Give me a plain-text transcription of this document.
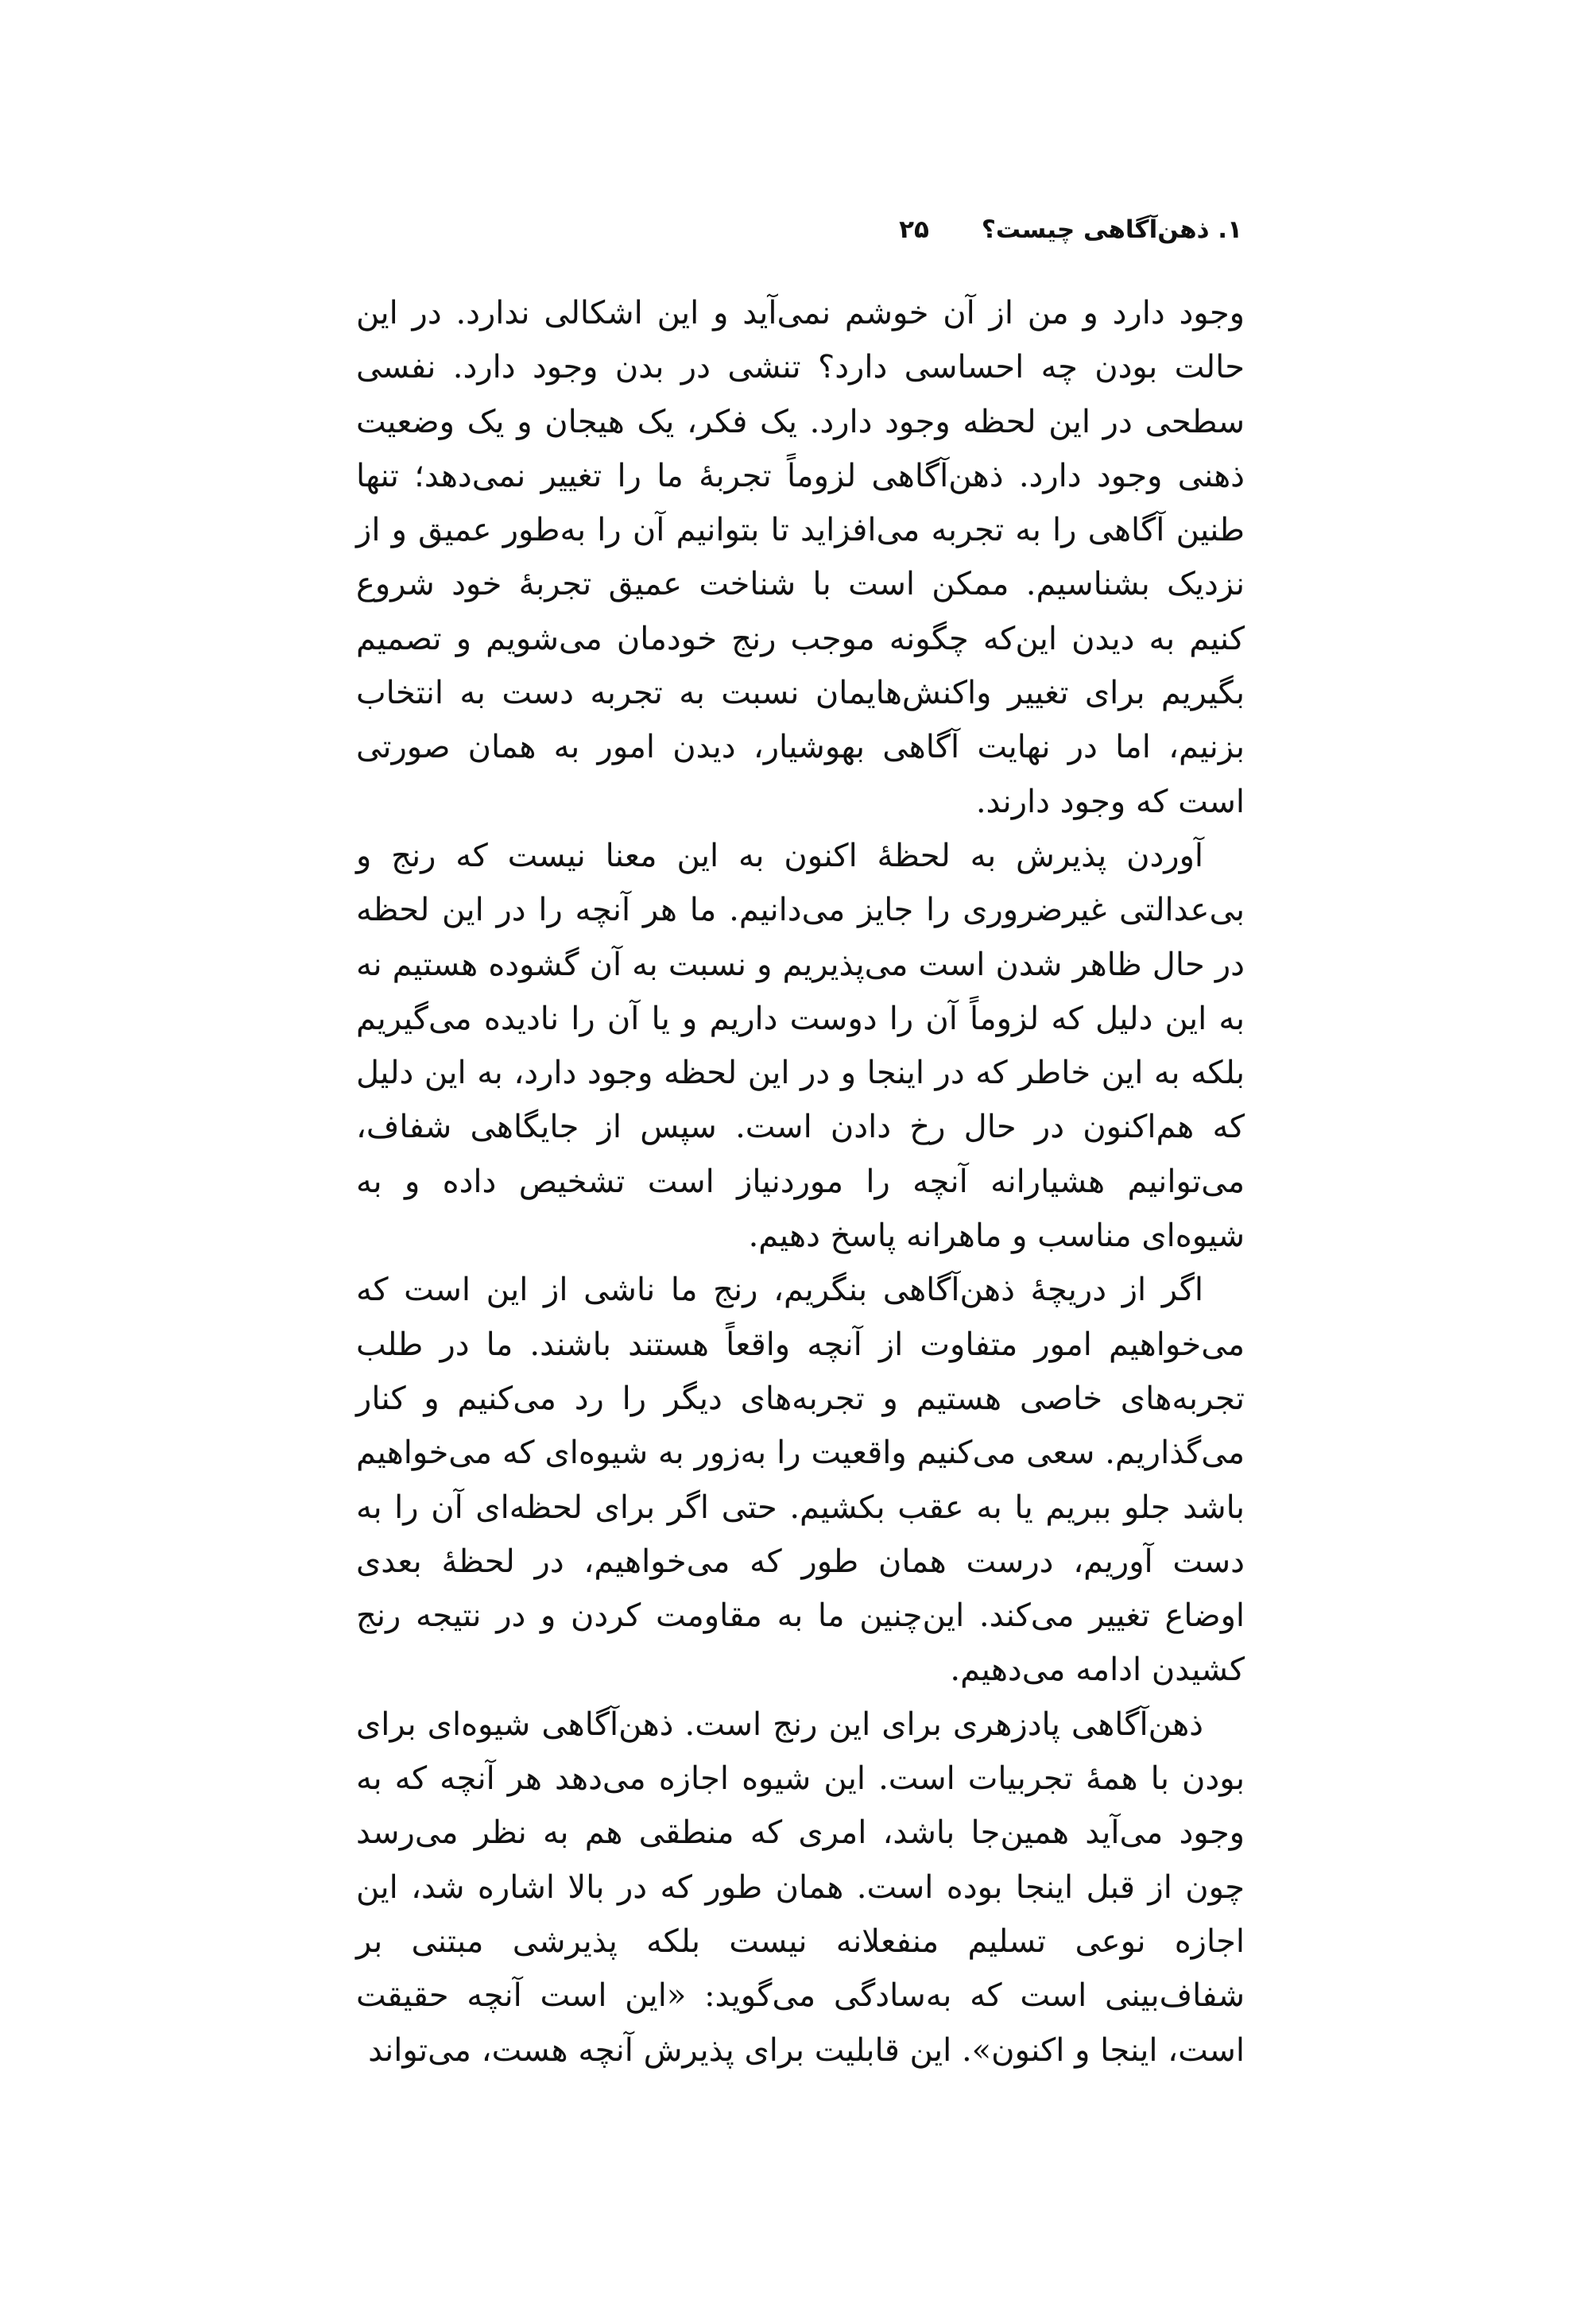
۱. ذهن‌آگاهی چیست؟
۲۵

وجود دارد و من از آن خوشم نمی‌آید و این اشکالی ندارد. در این حالت بودن چه احساسی دارد؟ تنشی در بدن وجود دارد. نفسی سطحی در این لحظه وجود دارد. یک فکر، یک هیجان و یک وضعیت ذهنی وجود دارد. ذهن‌آگاهی لزوماً تجربهٔ ما را تغییر نمی‌دهد؛ تنها طنین آگاهی را به تجربه می‌افزاید تا بتوانیم آن را به‌طور عمیق و از نزدیک بشناسیم. ممکن است با شناخت عمیق تجربهٔ خود شروع کنیم به دیدن این‌که چگونه موجب رنج خودمان می‌شویم و تصمیم بگیریم برای تغییر واکنش‌هایمان نسبت به تجربه دست به انتخاب بزنیم، اما در نهایت آگاهی بهوشیار، دیدن امور به همان صورتی است که وجود دارند.

آوردن پذیرش به لحظهٔ اکنون به این معنا نیست که رنج و بی‌عدالتی غیرضروری را جایز می‌دانیم. ما هر آنچه را در این لحظه در حال ظاهر شدن است می‌پذیریم و نسبت به آن گشوده هستیم نه به این دلیل که لزوماً آن را دوست داریم و یا آن را نادیده می‌گیریم بلکه به این خاطر که در اینجا و در این لحظه وجود دارد، به این دلیل که هم‌اکنون در حال رخ دادن است. سپس از جایگاهی شفاف، می‌توانیم هشیارانه آنچه را موردنیاز است تشخیص داده و به شیوه‌ای مناسب و ماهرانه پاسخ دهیم.

اگر از دریچهٔ ذهن‌آگاهی بنگریم، رنج ما ناشی از این است که می‌خواهیم امور متفاوت از آنچه واقعاً هستند باشند. ما در طلب تجربه‌های خاصی هستیم و تجربه‌های دیگر را رد می‌کنیم و کنار می‌گذاریم. سعی می‌کنیم واقعیت را به‌زور به شیوه‌ای که می‌خواهیم باشد جلو ببریم یا به عقب بکشیم. حتی اگر برای لحظه‌ای آن را به دست آوریم، درست همان طور که می‌خواهیم، در لحظهٔ بعدی اوضاع تغییر می‌کند. این‌چنین ما به مقاومت کردن و در نتیجه رنج کشیدن ادامه می‌دهیم.

ذهن‌آگاهی پادزهری برای این رنج است. ذهن‌آگاهی شیوه‌ای برای بودن با همهٔ تجربیات است. این شیوه اجازه می‌دهد هر آنچه که به وجود می‌آید همین‌جا باشد، امری که منطقی هم به نظر می‌رسد چون از قبل اینجا بوده است. همان طور که در بالا اشاره شد، این اجازه نوعی تسلیم منفعلانه نیست بلکه پذیرشی مبتنی بر شفاف‌بینی است که به‌سادگی می‌گوید: «این است آنچه حقیقت است، اینجا و اکنون». این قابلیت برای پذیرش آنچه هست، می‌تواند
